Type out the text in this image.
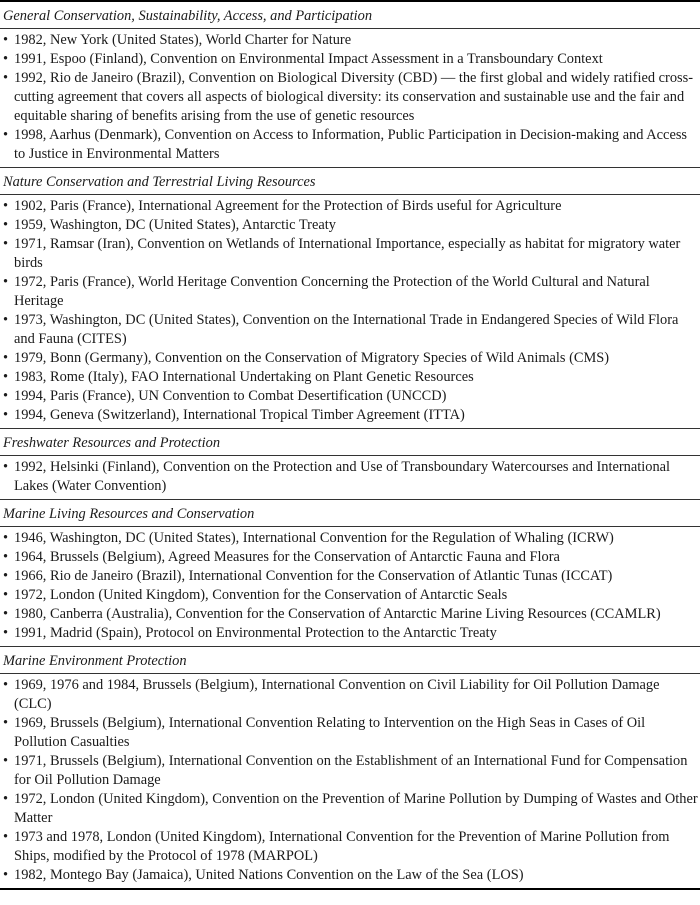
General Conservation, Sustainability, Access, and Participation
• 1982, New York (United States), World Charter for Nature
• 1991, Espoo (Finland), Convention on Environmental Impact Assessment in a Transboundary Context
• 1992, Rio de Janeiro (Brazil), Convention on Biological Diversity (CBD) — the first global and widely ratified cross-cutting agreement that covers all aspects of biological diversity: its conservation and sustainable use and the fair and equitable sharing of benefits arising from the use of genetic resources
• 1998, Aarhus (Denmark), Convention on Access to Information, Public Participation in Decision-making and Access to Justice in Environmental Matters
Nature Conservation and Terrestrial Living Resources
• 1902, Paris (France), International Agreement for the Protection of Birds useful for Agriculture
• 1959, Washington, DC (United States), Antarctic Treaty
• 1971, Ramsar (Iran), Convention on Wetlands of International Importance, especially as habitat for migratory water birds
• 1972, Paris (France), World Heritage Convention Concerning the Protection of the World Cultural and Natural Heritage
• 1973, Washington, DC (United States), Convention on the International Trade in Endangered Species of Wild Flora and Fauna (CITES)
• 1979, Bonn (Germany), Convention on the Conservation of Migratory Species of Wild Animals (CMS)
• 1983, Rome (Italy), FAO International Undertaking on Plant Genetic Resources
• 1994, Paris (France), UN Convention to Combat Desertification (UNCCD)
• 1994, Geneva (Switzerland), International Tropical Timber Agreement (ITTA)
Freshwater Resources and Protection
• 1992, Helsinki (Finland), Convention on the Protection and Use of Transboundary Watercourses and International Lakes (Water Convention)
Marine Living Resources and Conservation
• 1946, Washington, DC (United States), International Convention for the Regulation of Whaling (ICRW)
• 1964, Brussels (Belgium), Agreed Measures for the Conservation of Antarctic Fauna and Flora
• 1966, Rio de Janeiro (Brazil), International Convention for the Conservation of Atlantic Tunas (ICCAT)
• 1972, London (United Kingdom), Convention for the Conservation of Antarctic Seals
• 1980, Canberra (Australia), Convention for the Conservation of Antarctic Marine Living Resources (CCAMLR)
• 1991, Madrid (Spain), Protocol on Environmental Protection to the Antarctic Treaty
Marine Environment Protection
• 1969, 1976 and 1984, Brussels (Belgium), International Convention on Civil Liability for Oil Pollution Damage (CLC)
• 1969, Brussels (Belgium), International Convention Relating to Intervention on the High Seas in Cases of Oil Pollution Casualties
• 1971, Brussels (Belgium), International Convention on the Establishment of an International Fund for Compensation for Oil Pollution Damage
• 1972, London (United Kingdom), Convention on the Prevention of Marine Pollution by Dumping of Wastes and Other Matter
• 1973 and 1978, London (United Kingdom), International Convention for the Prevention of Marine Pollution from Ships, modified by the Protocol of 1978 (MARPOL)
• 1982, Montego Bay (Jamaica), United Nations Convention on the Law of the Sea (LOS)
